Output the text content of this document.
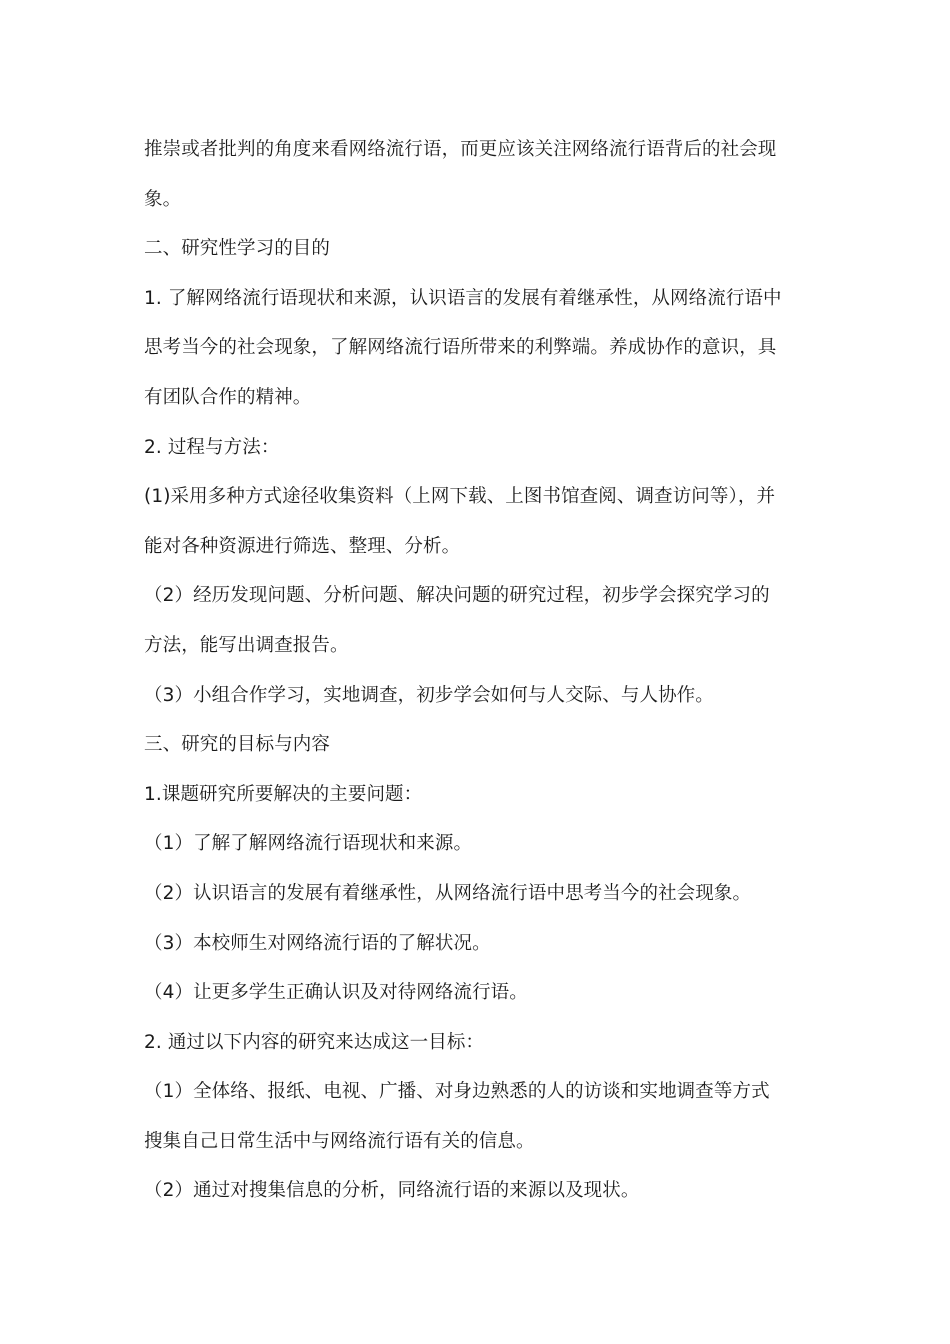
推崇或者批判的角度来看网络流行语，而更应该关注网络流行语背后的社会现
象。
二、研究性学习的目的
1. 了解网络流行语现状和来源，认识语言的发展有着继承性，从网络流行语中
思考当今的社会现象，了解网络流行语所带来的利弊端。养成协作的意识，具
有团队合作的精神。
2. 过程与方法：
(1)采用多种方式途径收集资料（上网下载、上图书馆查阅、调查访问等），并
能对各种资源进行筛选、整理、分析。
（2）经历发现问题、分析问题、解决问题的研究过程，初步学会探究学习的
方法，能写出调查报告。
（3）小组合作学习，实地调查，初步学会如何与人交际、与人协作。
三、研究的目标与内容
1.课题研究所要解决的主要问题：
（1）了解了解网络流行语现状和来源。
（2）认识语言的发展有着继承性，从网络流行语中思考当今的社会现象。
（3）本校师生对网络流行语的了解状况。
（4）让更多学生正确认识及对待网络流行语。
2. 通过以下内容的研究来达成这一目标：
（1）全体络、报纸、电视、广播、对身边熟悉的人的访谈和实地调查等方式
搜集自己日常生活中与网络流行语有关的信息。
（2）通过对搜集信息的分析，同络流行语的来源以及现状。
